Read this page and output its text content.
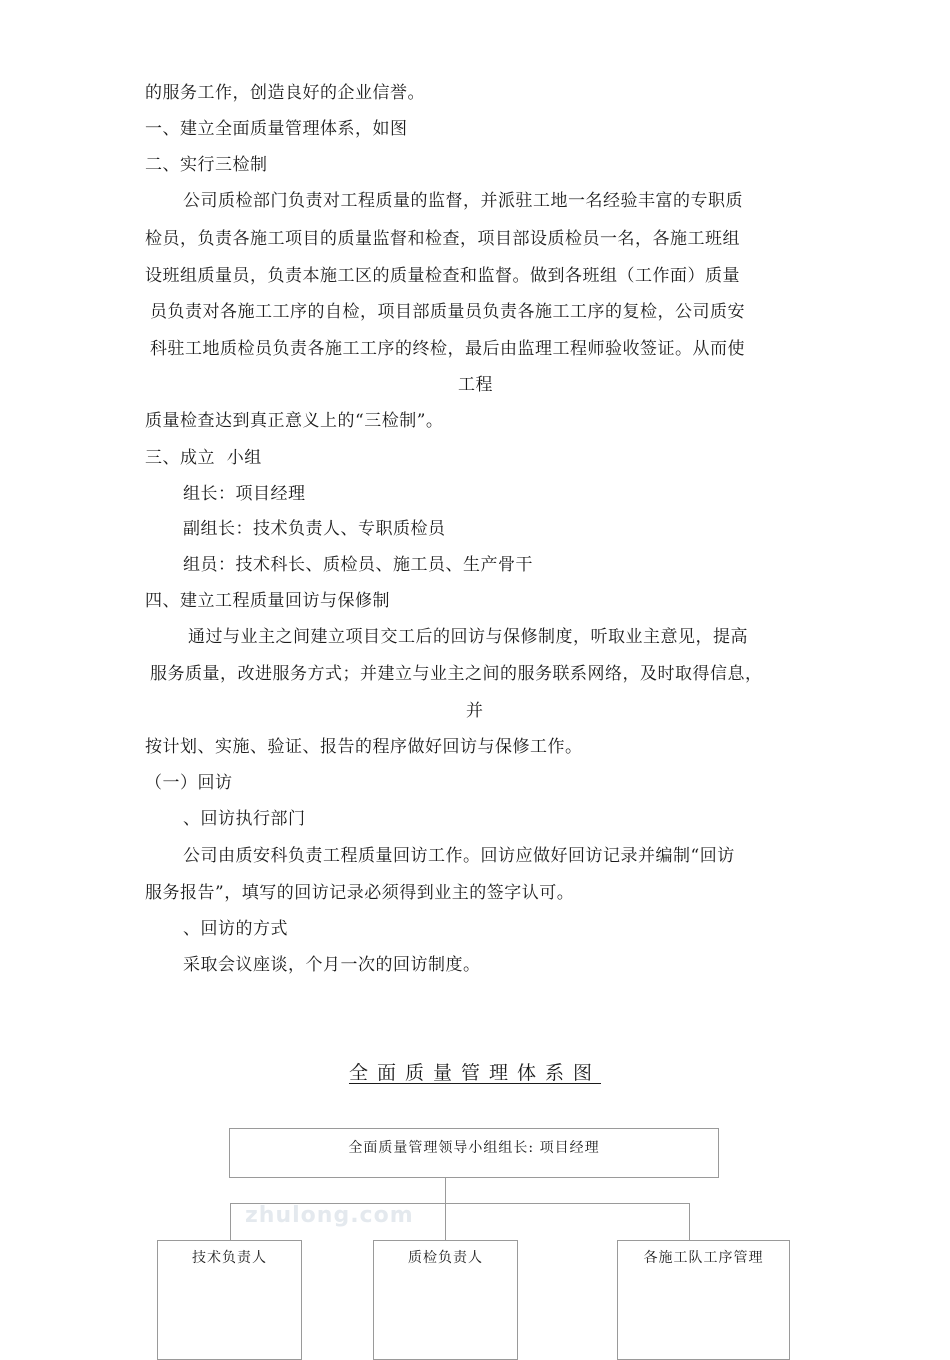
的服务工作，创造良好的企业信誉。
一、建立全面质量管理体系，如图
二、实行三检制
公司质检部门负责对工程质量的监督，并派驻工地一名经验丰富的专职质
检员，负责各施工项目的质量监督和检查，项目部设质检员一名，各施工班组
设班组质量员，负责本施工区的质量检查和监督。做到各班组（工作面）质量
员负责对各施工工序的自检，项目部质量员负责各施工工序的复检，公司质安
科驻工地质检员负责各施工工序的终检，最后由监理工程师验收签证。从而使
工程
质量检查达到真正意义上的“三检制”。
三、成立  小组
组长：项目经理
副组长：技术负责人、专职质检员
组员：技术科长、质检员、施工员、生产骨干
四、建立工程质量回访与保修制
通过与业主之间建立项目交工后的回访与保修制度，听取业主意见，提高
服务质量，改进服务方式；并建立与业主之间的服务联系网络，及时取得信息，
并
按计划、实施、验证、报告的程序做好回访与保修工作。
（一）回访
、回访执行部门
公司由质安科负责工程质量回访工作。回访应做好回访记录并编制“回访
服务报告”，填写的回访记录必须得到业主的签字认可。
、回访的方式
采取会议座谈，个月一次的回访制度。
全面质量管理体系图
全面质量管理领导小组组长: 项目经理
zhulong.com
技术负责人	质检负责人	各施工队工序管理
